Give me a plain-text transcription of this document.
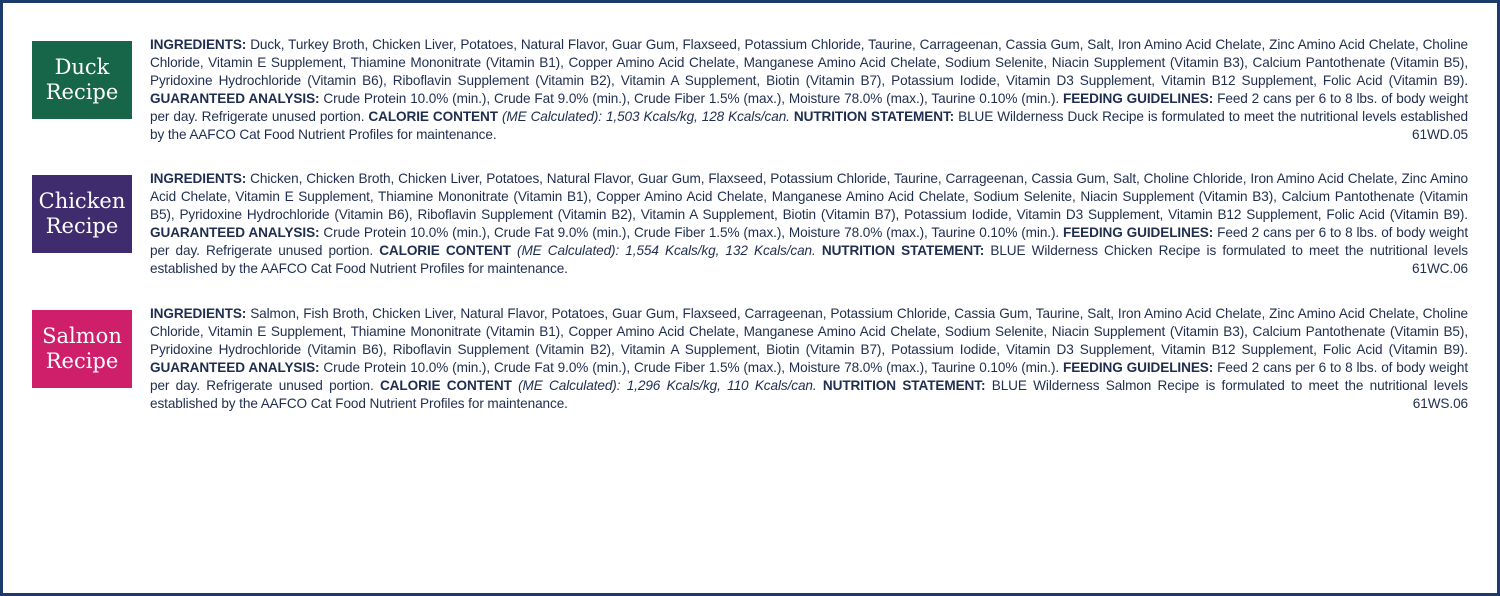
Duck
Recipe
INGREDIENTS: Duck, Turkey Broth, Chicken Liver, Potatoes, Natural Flavor, Guar Gum, Flaxseed, Potassium Chloride, Taurine, Carrageenan, Cassia Gum, Salt, Iron Amino Acid Chelate, Zinc Amino Acid Chelate, Choline Chloride, Vitamin E Supplement, Thiamine Mononitrate (Vitamin B1), Copper Amino Acid Chelate, Manganese Amino Acid Chelate, Sodium Selenite, Niacin Supplement (Vitamin B3), Calcium Pantothenate (Vitamin B5), Pyridoxine Hydrochloride (Vitamin B6), Riboflavin Supplement (Vitamin B2), Vitamin A Supplement, Biotin (Vitamin B7), Potassium Iodide, Vitamin D3 Supplement, Vitamin B12 Supplement, Folic Acid (Vitamin B9). GUARANTEED ANALYSIS: Crude Protein 10.0% (min.), Crude Fat 9.0% (min.), Crude Fiber 1.5% (max.), Moisture 78.0% (max.), Taurine 0.10% (min.). FEEDING GUIDELINES: Feed 2 cans per 6 to 8 lbs. of body weight per day. Refrigerate unused portion. CALORIE CONTENT (ME Calculated): 1,503 Kcals/kg, 128 Kcals/can. NUTRITION STATEMENT: BLUE Wilderness Duck Recipe is formulated to meet the nutritional levels established by the AAFCO Cat Food Nutrient Profiles for maintenance.	61WD.05
Chicken
Recipe
INGREDIENTS: Chicken, Chicken Broth, Chicken Liver, Potatoes, Natural Flavor, Guar Gum, Flaxseed, Potassium Chloride, Taurine, Carrageenan, Cassia Gum, Salt, Choline Chloride, Iron Amino Acid Chelate, Zinc Amino Acid Chelate, Vitamin E Supplement, Thiamine Mononitrate (Vitamin B1), Copper Amino Acid Chelate, Manganese Amino Acid Chelate, Sodium Selenite, Niacin Supplement (Vitamin B3), Calcium Pantothenate (Vitamin B5), Pyridoxine Hydrochloride (Vitamin B6), Riboflavin Supplement (Vitamin B2), Vitamin A Supplement, Biotin (Vitamin B7), Potassium Iodide, Vitamin D3 Supplement, Vitamin B12 Supplement, Folic Acid (Vitamin B9). GUARANTEED ANALYSIS: Crude Protein 10.0% (min.), Crude Fat 9.0% (min.), Crude Fiber 1.5% (max.), Moisture 78.0% (max.), Taurine 0.10% (min.). FEEDING GUIDELINES: Feed 2 cans per 6 to 8 lbs. of body weight per day. Refrigerate unused portion. CALORIE CONTENT (ME Calculated): 1,554 Kcals/kg, 132 Kcals/can. NUTRITION STATEMENT: BLUE Wilderness Chicken Recipe is formulated to meet the nutritional levels established by the AAFCO Cat Food Nutrient Profiles for maintenance.	61WC.06
Salmon
Recipe
INGREDIENTS: Salmon, Fish Broth, Chicken Liver, Natural Flavor, Potatoes, Guar Gum, Flaxseed, Carrageenan, Potassium Chloride, Cassia Gum, Taurine, Salt, Iron Amino Acid Chelate, Zinc Amino Acid Chelate, Choline Chloride, Vitamin E Supplement, Thiamine Mononitrate (Vitamin B1), Copper Amino Acid Chelate, Manganese Amino Acid Chelate, Sodium Selenite, Niacin Supplement (Vitamin B3), Calcium Pantothenate (Vitamin B5), Pyridoxine Hydrochloride (Vitamin B6), Riboflavin Supplement (Vitamin B2), Vitamin A Supplement, Biotin (Vitamin B7), Potassium Iodide, Vitamin D3 Supplement, Vitamin B12 Supplement, Folic Acid (Vitamin B9). GUARANTEED ANALYSIS: Crude Protein 10.0% (min.), Crude Fat 9.0% (min.), Crude Fiber 1.5% (max.), Moisture 78.0% (max.), Taurine 0.10% (min.). FEEDING GUIDELINES: Feed 2 cans per 6 to 8 lbs. of body weight per day. Refrigerate unused portion. CALORIE CONTENT (ME Calculated): 1,296 Kcals/kg, 110 Kcals/can. NUTRITION STATEMENT: BLUE Wilderness Salmon Recipe is formulated to meet the nutritional levels established by the AAFCO Cat Food Nutrient Profiles for maintenance.	61WS.06
